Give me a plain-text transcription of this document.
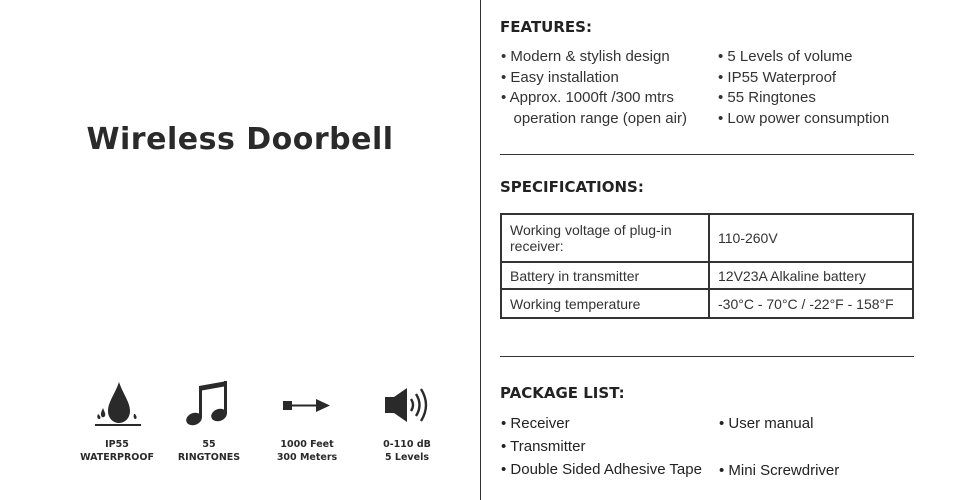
Wireless Doorbell
IP55
WATERPROOF
55
RINGTONES
1000 Feet
300 Meters
0-110 dB
5 Levels
FEATURES:
• Modern & stylish design
• Easy installation
• Approx. 1000ft /300 mtrs
operation range (open air)
• 5 Levels of volume
• IP55 Waterproof
• 55 Ringtones
• Low power consumption
SPECIFICATIONS:
Working voltage of plug-in receiver:	110-260V
Battery in transmitter	12V23A Alkaline battery
Working temperature	-30°C - 70°C / -22°F - 158°F
PACKAGE LIST:
• Receiver	• User manual
• Transmitter
• Double Sided Adhesive Tape • Mini Screwdriver
